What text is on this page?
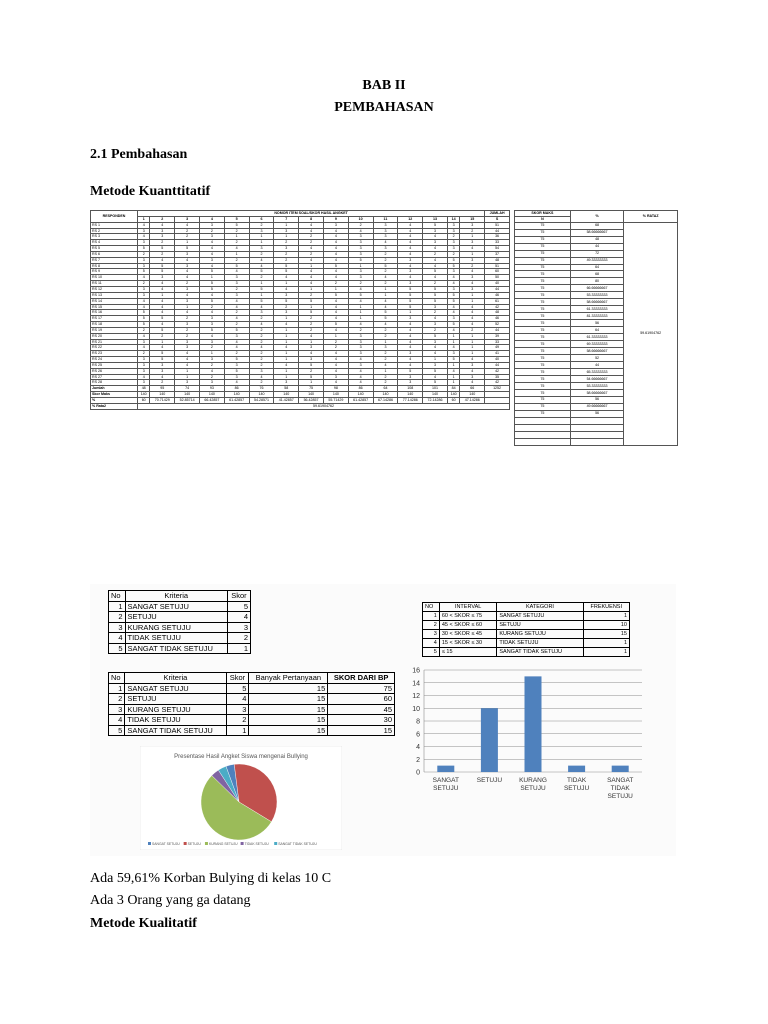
BAB II
PEMBAHASAN
2.1 Pembahasan
Metode Kuanttitatif
RESPONDEN	NOMOR ITEM SOAL/SKOR HASIL ANGKET															JUMLAH
	1	2	3	4	5	6	7	8	9	10	11	12	13	14	15	S
RS 1	4	4	4	3	5	2	1	4	3	2	3	4	5	3	3	51
RS 2	3	3	2	2	2	3	3	4	4	4	3	4	3	3	2	44
RS 3	4	3	2	3	1	1	1	2	4	3	3	4	4	2	1	36
RS 4	3	2	1	4	2	1	2	2	4	3	4	4	3	3	3	33
RS 5	5	5	5	4	4	3	3	4	4	3	3	4	4	3	4	54
RS 6	2	2	3	4	1	2	2	2	4	3	2	4	2	2	1	37
RS 7	3	4	4	3	2	4	2	4	4	5	2	3	4	5	3	48
RS 8	3	5	3	4	5	4	5	1	5	1	5	4	4	5	2	51
RS 9	5	5	4	5	4	5	5	4	4	3	2	3	5	3	4	60
RS 10	4	3	4	1	3	2	4	4	4	3	4	4	4	4	3	50
RS 11	2	4	2	5	3	1	1	4	2	2	2	3	2	4	4	40
RS 12	3	4	3	5	2	5	4	1	1	4	1	5	5	3	3	44
RS 13	3	1	4	4	3	1	3	2	5	5	1	5	5	5	1	46
RS 14	4	4	3	5	4	5	5	5	4	4	4	5	5	5	1	61
RS 15	4	4	1	2	4	4	2	1	4	1	4	5	3	4	4	42
RS 16	5	4	4	4	2	3	3	5	4	1	5	1	2	4	4	48
RS 17	5	5	2	3	4	2	1	2	4	1	5	3	4	3	4	46
RS 18	5	4	3	3	2	4	4	2	5	4	4	4	3	5	4	52
RS 19	2	5	2	5	5	2	1	2	4	2	2	4	2	4	2	44
RS 20	4	2	2	4	3	2	1	4	1	3	2	4	5	1	1	39
RS 21	3	1	3	3	4	2	1	1	2	3	1	4	3	1	1	33
RS 22	4	4	3	2	4	4	4	3	2	3	3	4	4	4	1	49
RS 23	2	5	4	1	2	2	1	4	4	3	2	3	4	3	1	41
RS 24	3	5	4	3	5	2	1	3	4	4	2	4	1	5	4	40
RS 25	3	3	4	2	3	2	4	5	4	3	4	4	3	1	3	44
RS 26	3	3	1	4	5	3	1	2	4	4	1	5	5	4	4	42
RS 27	4	4	1	2	3	4	1	5	3	4	2	3	4	1	3	35
RS 28	3	2	3	3	4	2	3	1	4	4	2	3	5	1	4	42
Jumlah	48	95	74	93	86	76	58	75	98	86	64	108	101	84	66	1252
Skor Maks	140	140	140	140	140	140	140	140	140	140	140	140	140	140	140	
%	60	70.71429	52.85714	66.42857	61.42857	54.28571	41.42857	56.42857	55.71429	61.42857	67.14286	77.14286	72.14286	60	47.14286	
% Rata2	59.61904762															
SKOR MAKS	%	% RATAZ
N		
75	68	59.61904762
75	58.66666667	
75	48	
75	44	
75	72	
75	49.33333333	
75	64	
75	68	
75	80	
75	66.66666667	
75	53.33333333	
75	58.66666667	
75	61.33333333	
75	81.33333333	
75	56	
75	64	
75	61.33333333	
75	69.33333333	
75	58.66666667	
75	52	
75	44	
75	65.33333333	
75	54.66666667	
75	53.33333333	
75	58.66666667	
75	56	
75	49.66666667	
75	56	

No	Kriteria	Skor
1	SANGAT SETUJU	5
2	SETUJU	4
3	KURANG SETUJU	3
4	TIDAK SETUJU	2
5	SANGAT TIDAK SETUJU	1
No	Kriteria	Skor	Banyak Pertanyaan	SKOR DARI BP
1	SANGAT SETUJU	5	15	75
2	SETUJU	4	15	60
3	KURANG SETUJU	3	15	45
4	TIDAK SETUJU	2	15	30
5	SANGAT TIDAK SETUJU	1	15	15
NO	INTERVAL	KATEGORI	FREKUENSI
1	60 < SKOR ≤ 75	SANGAT SETUJU	1
2	45 < SKOR ≤ 60	SETUJU	10
3	30 < SKOR ≤ 45	KURANG SETUJU	15
4	15 < SKOR ≤ 30	TIDAK SETUJU	1
5	≤ 15	SANGAT TIDAK SETUJU	1
Presentase Hasil Angket Siswa mengenai Bullying
SANGAT SETUJU SETUJU KURANG SETUJU TIDAK SETUJU	SANGAT TIDAK SETUJU
0
2
4
6
8
10
12
14
16
SANGAT
SETUJU
SETUJU	KURANG
SETUJU
TIDAK
SETUJU
SANGAT
TIDAK
SETUJU
Ada 59,61% Korban Bulying di kelas 10 C
Ada 3 Orang yang ga datang
Metode Kualitatif
